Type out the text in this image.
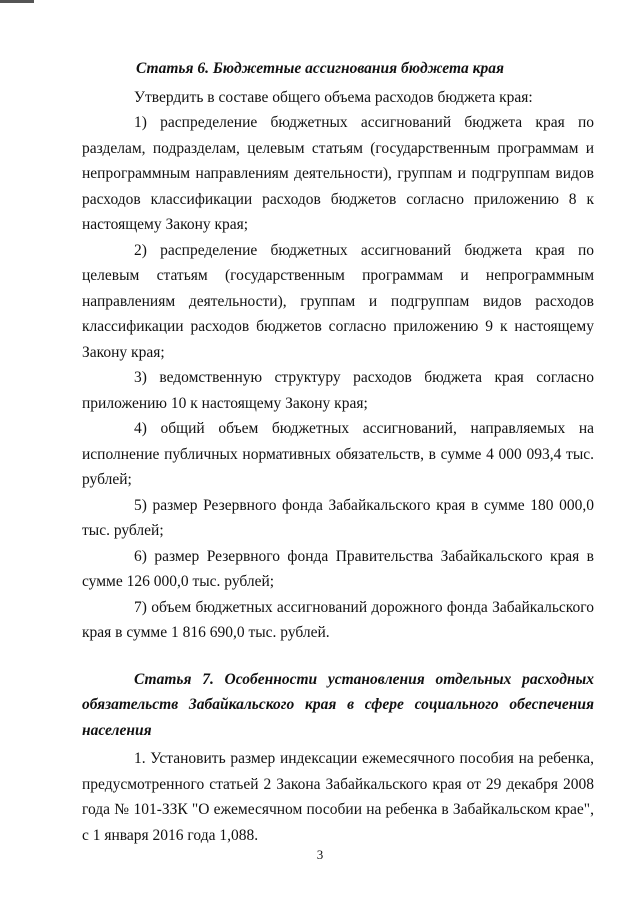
Статья 6. Бюджетные ассигнования бюджета края

Утвердить в составе общего объема расходов бюджета края:

1) распределение бюджетных ассигнований бюджета края по разделам, подразделам, целевым статьям (государственным программам и непрограммным направлениям деятельности), группам и подгруппам видов расходов классификации расходов бюджетов согласно приложению 8 к настоящему Закону края;

2) распределение бюджетных ассигнований бюджета края по целевым статьям (государственным программам и непрограммным направлениям деятельности), группам и подгруппам видов расходов классификации расходов бюджетов согласно приложению 9 к настоящему Закону края;

3) ведомственную структуру расходов бюджета края согласно приложению 10 к настоящему Закону края;

4) общий объем бюджетных ассигнований, направляемых на исполнение публичных нормативных обязательств, в сумме 4 000 093,4 тыс. рублей;

5) размер Резервного фонда Забайкальского края в сумме 180 000,0 тыс. рублей;

6) размер Резервного фонда Правительства Забайкальского края в сумме 126 000,0 тыс. рублей;

7) объем бюджетных ассигнований дорожного фонда Забайкальского края в сумме 1 816 690,0 тыс. рублей.

Статья 7. Особенности установления отдельных расходных обязательств Забайкальского края в сфере социального обеспечения населения

1. Установить размер индексации ежемесячного пособия на ребенка, предусмотренного статьей 2 Закона Забайкальского края от 29 декабря 2008 года № 101-ЗЗК "О ежемесячном пособии на ребенка в Забайкальском крае", с 1 января 2016 года 1,088.

3
